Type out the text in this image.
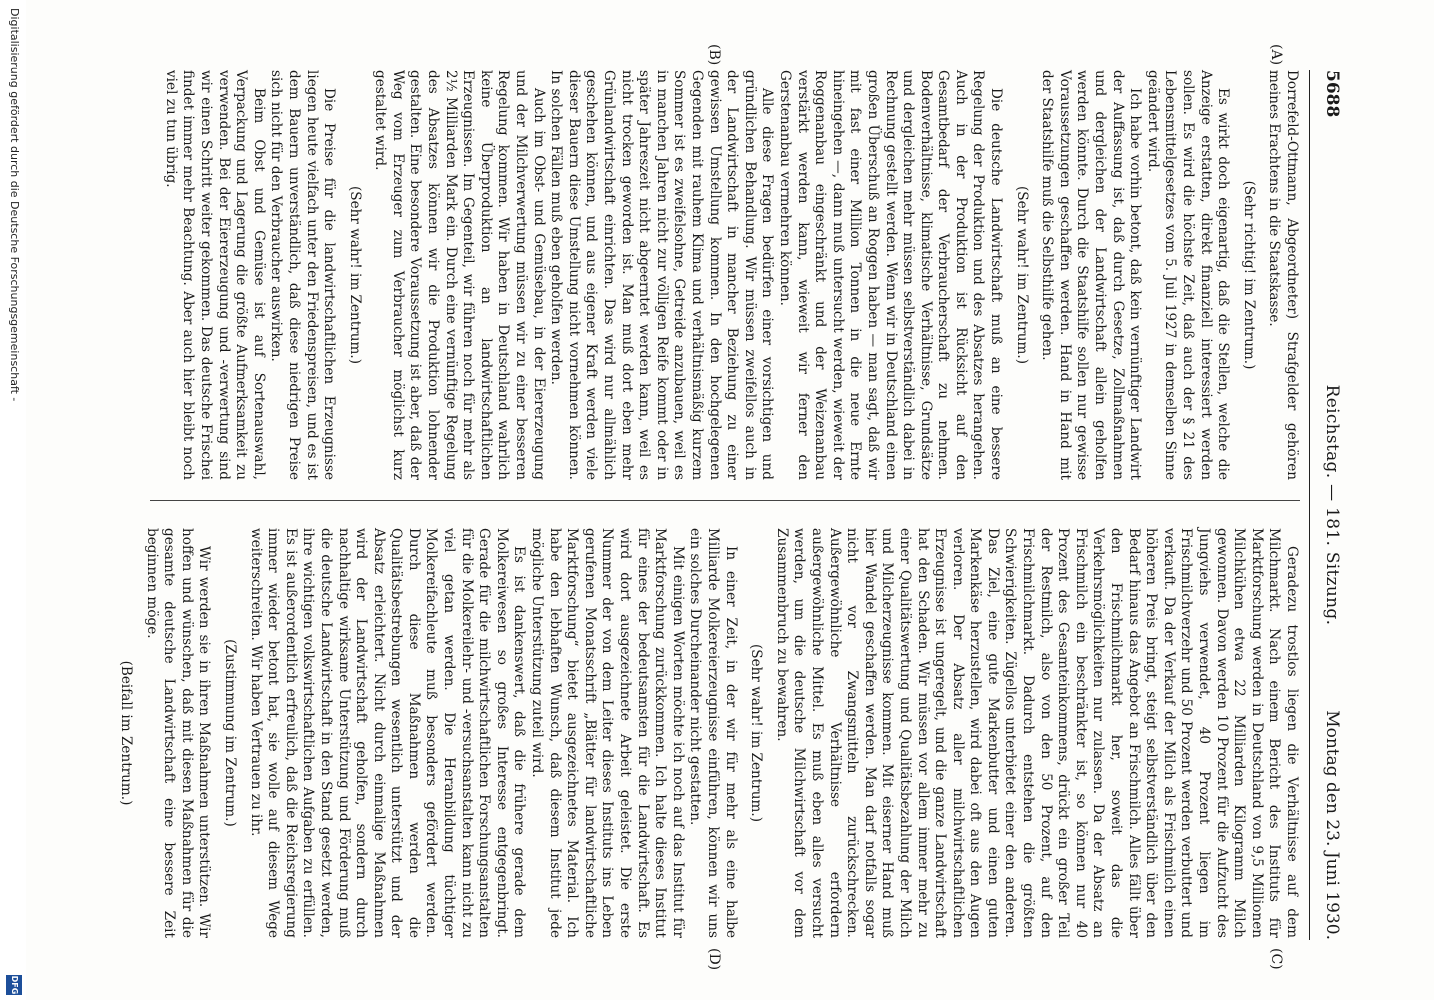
5688
Reichstag. — 181. Sitzung.
Montag den 23. Juni 1930.
(A)
(B)
(C)
(D)

Dorrefeld-Ottmann, Abgeordneter) Strafgelder gehören meines Erachtens in die Staatskasse.

(Sehr richtig! im Zentrum.)

Es wirkt doch eigenartig, daß die Stellen, welche die Anzeige erstatten, direkt finanziell interessiert werden sollen. Es wird die höchste Zeit, daß auch der § 21 des Lebensmittelgesetzes vom 5. Juli 1927 in demselben Sinne geändert wird.

Ich habe vorhin betont, daß kein vernünftiger Landwirt der Auffassung ist, daß durch Gesetze, Zollmaßnahmen und dergleichen der Landwirtschaft allein geholfen werden könnte. Durch die Staatshilfe sollen nur gewisse Voraussetzungen geschaffen werden. Hand in Hand mit der Staatshilfe muß die Selbsthilfe gehen.

(Sehr wahr! im Zentrum.)

Die deutsche Landwirtschaft muß an eine bessere Regelung der Produktion und des Absatzes herangehen. Auch in der Produktion ist Rücksicht auf den Gesamtbedarf der Verbraucherschaft zu nehmen. Bodenverhältnisse, klimatische Verhältnisse, Grundsätze und dergleichen mehr müssen selbstverständlich dabei in Rechnung gestellt werden. Wenn wir in Deutschland einen großen Überschuß an Roggen haben — man sagt, daß wir mit fast einer Million Tonnen in die neue Ernte hineingehen —, dann muß untersucht werden, wieweit der Roggenanbau eingeschränkt und der Weizenanbau verstärkt werden kann, wieweit wir ferner den Gerstenanbau vermehren können.

Alle diese Fragen bedürfen einer vorsichtigen und gründlichen Behandlung. Wir müssen zweifellos auch in der Landwirtschaft in mancher Beziehung zu einer gewissen Umstellung kommen. In den hochgelegenen Gegenden mit rauhem Klima und verhältnismäßig kurzem Sommer ist es zweifelsohne, Getreide anzubauen, weil es in manchen Jahren nicht zur völligen Reife kommt oder in später Jahreszeit nicht abgeerntet werden kann, weil es nicht trocken geworden ist. Man muß dort eben mehr Grünlandwirtschaft einrichten. Das wird nur allmählich geschehen können, und aus eigener Kraft werden viele dieser Bauern diese Umstellung nicht vornehmen können. In solchen Fällen muß eben geholfen werden.

Auch im Obst- und Gemüsebau, in der Eiererzeugung und der Milchverwertung müssen wir zu einer besseren Regelung kommen. Wir haben in Deutschland wahrlich keine Überproduktion an landwirtschaftlichen Erzeugnissen. Im Gegenteil, wir führen noch für mehr als 2½ Milliarden Mark ein. Durch eine vernünftige Regelung des Absatzes können wir die Produktion lohnender gestalten. Eine besondere Voraussetzung ist aber, daß der Weg vom Erzeuger zum Verbraucher möglichst kurz gestaltet wird.

(Sehr wahr! im Zentrum.)

Die Preise für die landwirtschaftlichen Erzeugnisse liegen heute vielfach unter den Friedenspreisen, und es ist dem Bauern unverständlich, daß diese niedrigen Preise sich nicht für den Verbraucher auswirken.

Beim Obst und Gemüse ist auf Sortenauswahl, Verpackung und Lagerung die größte Aufmerksamkeit zu verwenden. Bei der Eiererzeugung und -verwertung sind wir einen Schritt weiter gekommen. Das deutsche Frischei findet immer mehr Beachtung. Aber auch hier bleibt noch viel zu tun übrig.

Geradezu trostlos liegen die Verhältnisse auf dem Milchmarkt. Nach einem Bericht des Instituts für Marktforschung werden in Deutschland von 9,5 Millionen Milchkühen etwa 22 Milliarden Kilogramm Milch gewonnen. Davon werden 10 Prozent für die Aufzucht des Jungviehs verwendet, 40 Prozent liegen im Frischmilchverzehr und 50 Prozent werden verbuttert und verkauft. Da der Verkauf der Milch als Frischmilch einen höheren Preis bringt, steigt selbstverständlich über den Bedarf hinaus das Angebot an Frischmilch. Alles fällt über den Frischmilchmarkt her, soweit das die Verkehrsmöglichkeiten nur zulassen. Da der Absatz an Frischmilch ein beschränkter ist, so können nur 40 Prozent des Gesamteinkommens, drückt ein großer Teil der Restmilch, also von den 50 Prozent, auf den Frischmilchmarkt. Dadurch entstehen die größten Schwierigkeiten. Zügellos unterbietet einer den anderen. Das Ziel, eine gute Markenbutter und einen guten Markenkäse herzustellen, wird dabei oft aus den Augen verloren. Der Absatz aller milchwirtschaftlichen Erzeugnisse ist ungeregelt, und die ganze Landwirtschaft hat den Schaden. Wir müssen vor allem immer mehr zu einer Qualitätswertung und Qualitätsbezahlung der Milch und Milcherzeugnisse kommen. Mit eiserner Hand muß hier Wandel geschaffen werden. Man darf notfalls sogar nicht vor Zwangsmitteln zurückschrecken. Außergewöhnliche Verhältnisse erfordern außergewöhnliche Mittel. Es muß eben alles versucht werden, um die deutsche Milchwirtschaft vor dem Zusammenbruch zu bewahren.

(Sehr wahr! im Zentrum.)

In einer Zeit, in der wir für mehr als eine halbe Milliarde Molkereierzeugnisse einführen, können wir uns ein solches Durcheinander nicht gestatten.

Mit einigen Worten möchte ich noch auf das Institut für Marktforschung zurückkommen. Ich halte dieses Institut für eines der bedeutsamsten für die Landwirtschaft. Es wird dort ausgezeichnete Arbeit geleistet. Die erste Nummer der von dem Leiter dieses Instituts ins Leben gerufenen Monatsschrift „Blätter für landwirtschaftliche Marktforschung“ bietet ausgezeichnetes Material. Ich habe den lebhaften Wunsch, daß diesem Institut jede mögliche Unterstützung zuteil wird.

Es ist dankenswert, daß die frühere gerade dem Molkereiwesen so großes Interesse entgegenbringt. Gerade für die milchwirtschaftlichen Forschungsanstalten für die Molkereilehr- und -versuchsanstalten kann nicht zu viel getan werden. Die Heranbildung tüchtiger Molkereifachleute muß besonders gefördert werden. Durch diese Maßnahmen werden die Qualitätsbestrebungen wesentlich unterstützt und der Absatz erleichtert. Nicht durch einmalige Maßnahmen wird der Landwirtschaft geholfen, sondern durch nachhaltige wirksame Unterstützung und Förderung muß die deutsche Landwirtschaft in den Stand gesetzt werden, ihre wichtigen volkswirtschaftlichen Aufgaben zu erfüllen. Es ist außerordentlich erfreulich, daß die Reichsregierung immer wieder betont hat, sie wolle auf diesem Wege weiterschreiten. Wir haben Vertrauen zu ihr.

(Zustimmung im Zentrum.)

Wir werden sie in ihren Maßnahmen unterstützen. Wir hoffen und wünschen, daß mit diesen Maßnahmen für die gesamte deutsche Landwirtschaft eine bessere Zeit beginnen möge.

(Beifall im Zentrum.)

Digitalisierung gefördert durch die Deutsche Forschungsgemeinschaft -
DFG
